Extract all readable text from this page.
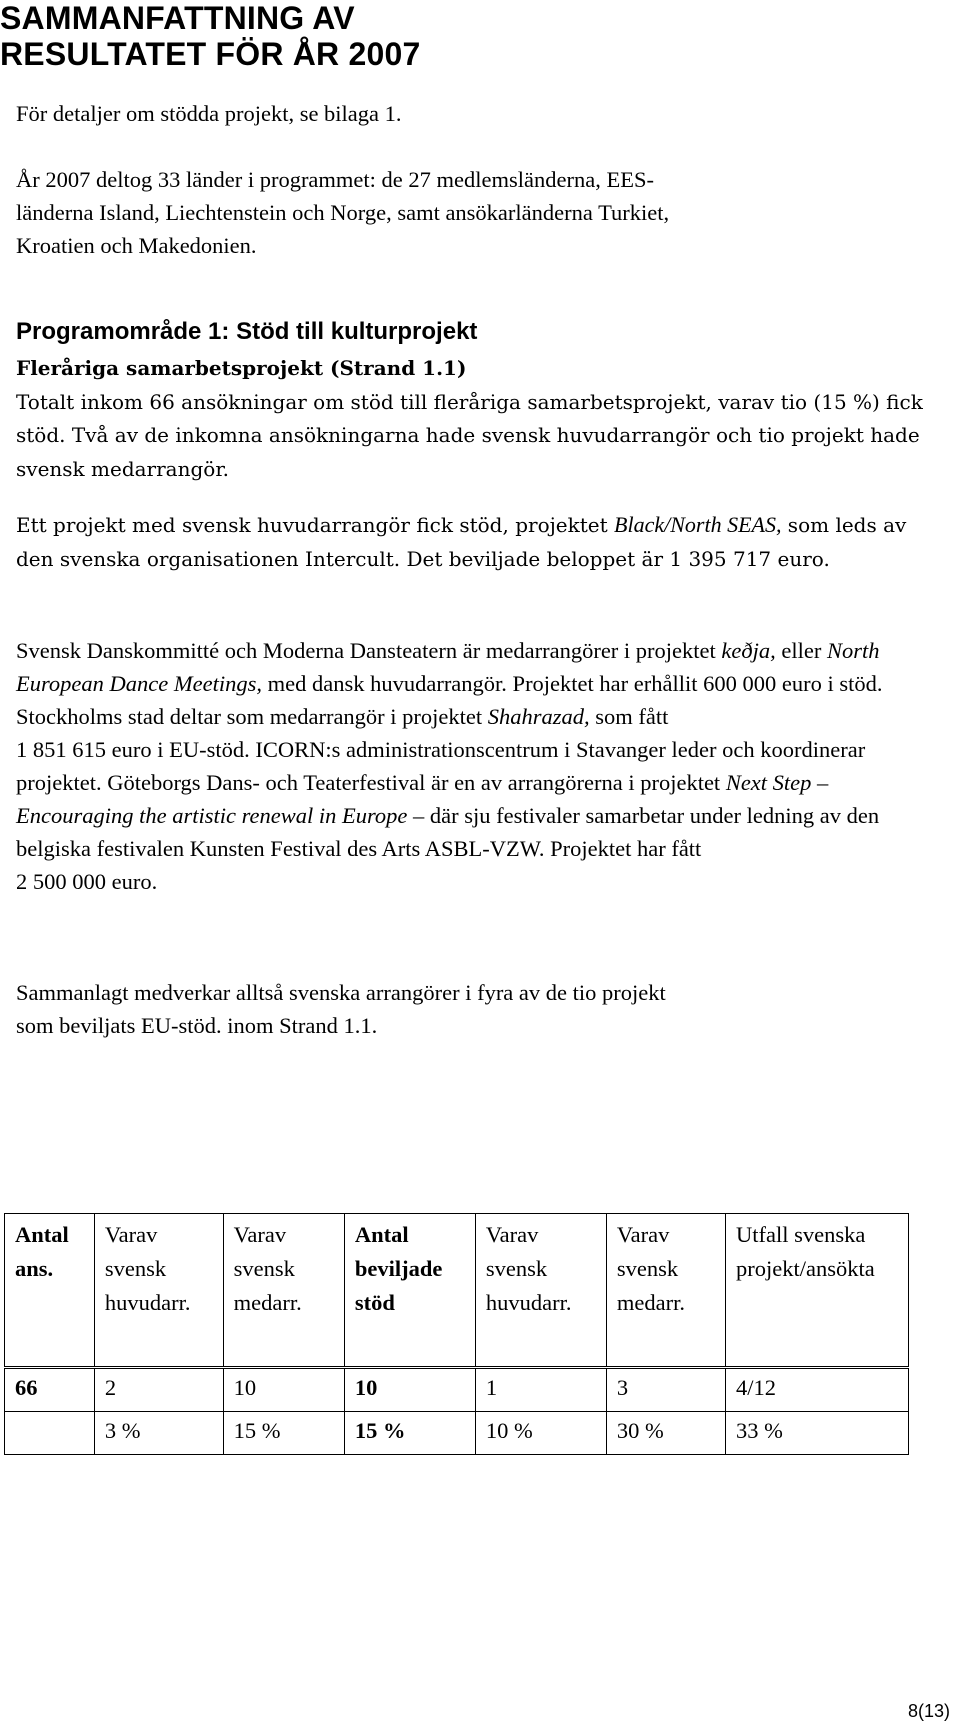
SAMMANFATTNING AV
RESULTATET FÖR ÅR 2007

För detaljer om stödda projekt, se bilaga 1.

År 2007 deltog 33 länder i programmet: de 27 medlemsländerna, EES-
länderna Island, Liechtenstein och Norge, samt ansökarländerna Turkiet,
Kroatien och Makedonien.

Programområde 1: Stöd till kulturprojekt
Fleråriga samarbetsprojekt (Strand 1.1)
Totalt inkom 66 ansökningar om stöd till fleråriga samarbetsprojekt, varav tio (15 %) fick stöd. Två av de inkomna ansökningarna hade svensk huvudarrangör och tio projekt hade svensk medarrangör.

Ett projekt med svensk huvudarrangör fick stöd, projektet Black/North SEAS, som leds av den svenska organisationen Intercult. Det beviljade beloppet är 1 395 717 euro.

Svensk Danskommitté och Moderna Dansteatern är medarrangörer i projektet keðja, eller North European Dance Meetings, med dansk huvudarrangör. Projektet har erhållit 600 000 euro i stöd. Stockholms stad deltar som medarrangör i projektet Shahrazad, som fått
1 851 615 euro i EU-stöd. ICORN:s administrationscentrum i Stavanger leder och koordinerar projektet. Göteborgs Dans- och Teaterfestival är en av arrangörerna i projektet Next Step – Encouraging the artistic renewal in Europe – där sju festivaler samarbetar under ledning av den belgiska festivalen Kunsten Festival des Arts ASBL-VZW. Projektet har fått
2 500 000 euro.

Sammanlagt medverkar alltså svenska arrangörer i fyra av de tio projekt
som beviljats EU-stöd. inom Strand 1.1.

Antal
ans.	Varav
svensk
huvudarr.	Varav
svensk
medarr.	Antal
beviljade
stöd	Varav
svensk
huvudarr.	Varav
svensk
medarr.	Utfall svenska
projekt/ansökta
66	2	10	10	1	3	4/12
	3 %	15 %	15 %	10 %	30 %	33 %
8(13)
